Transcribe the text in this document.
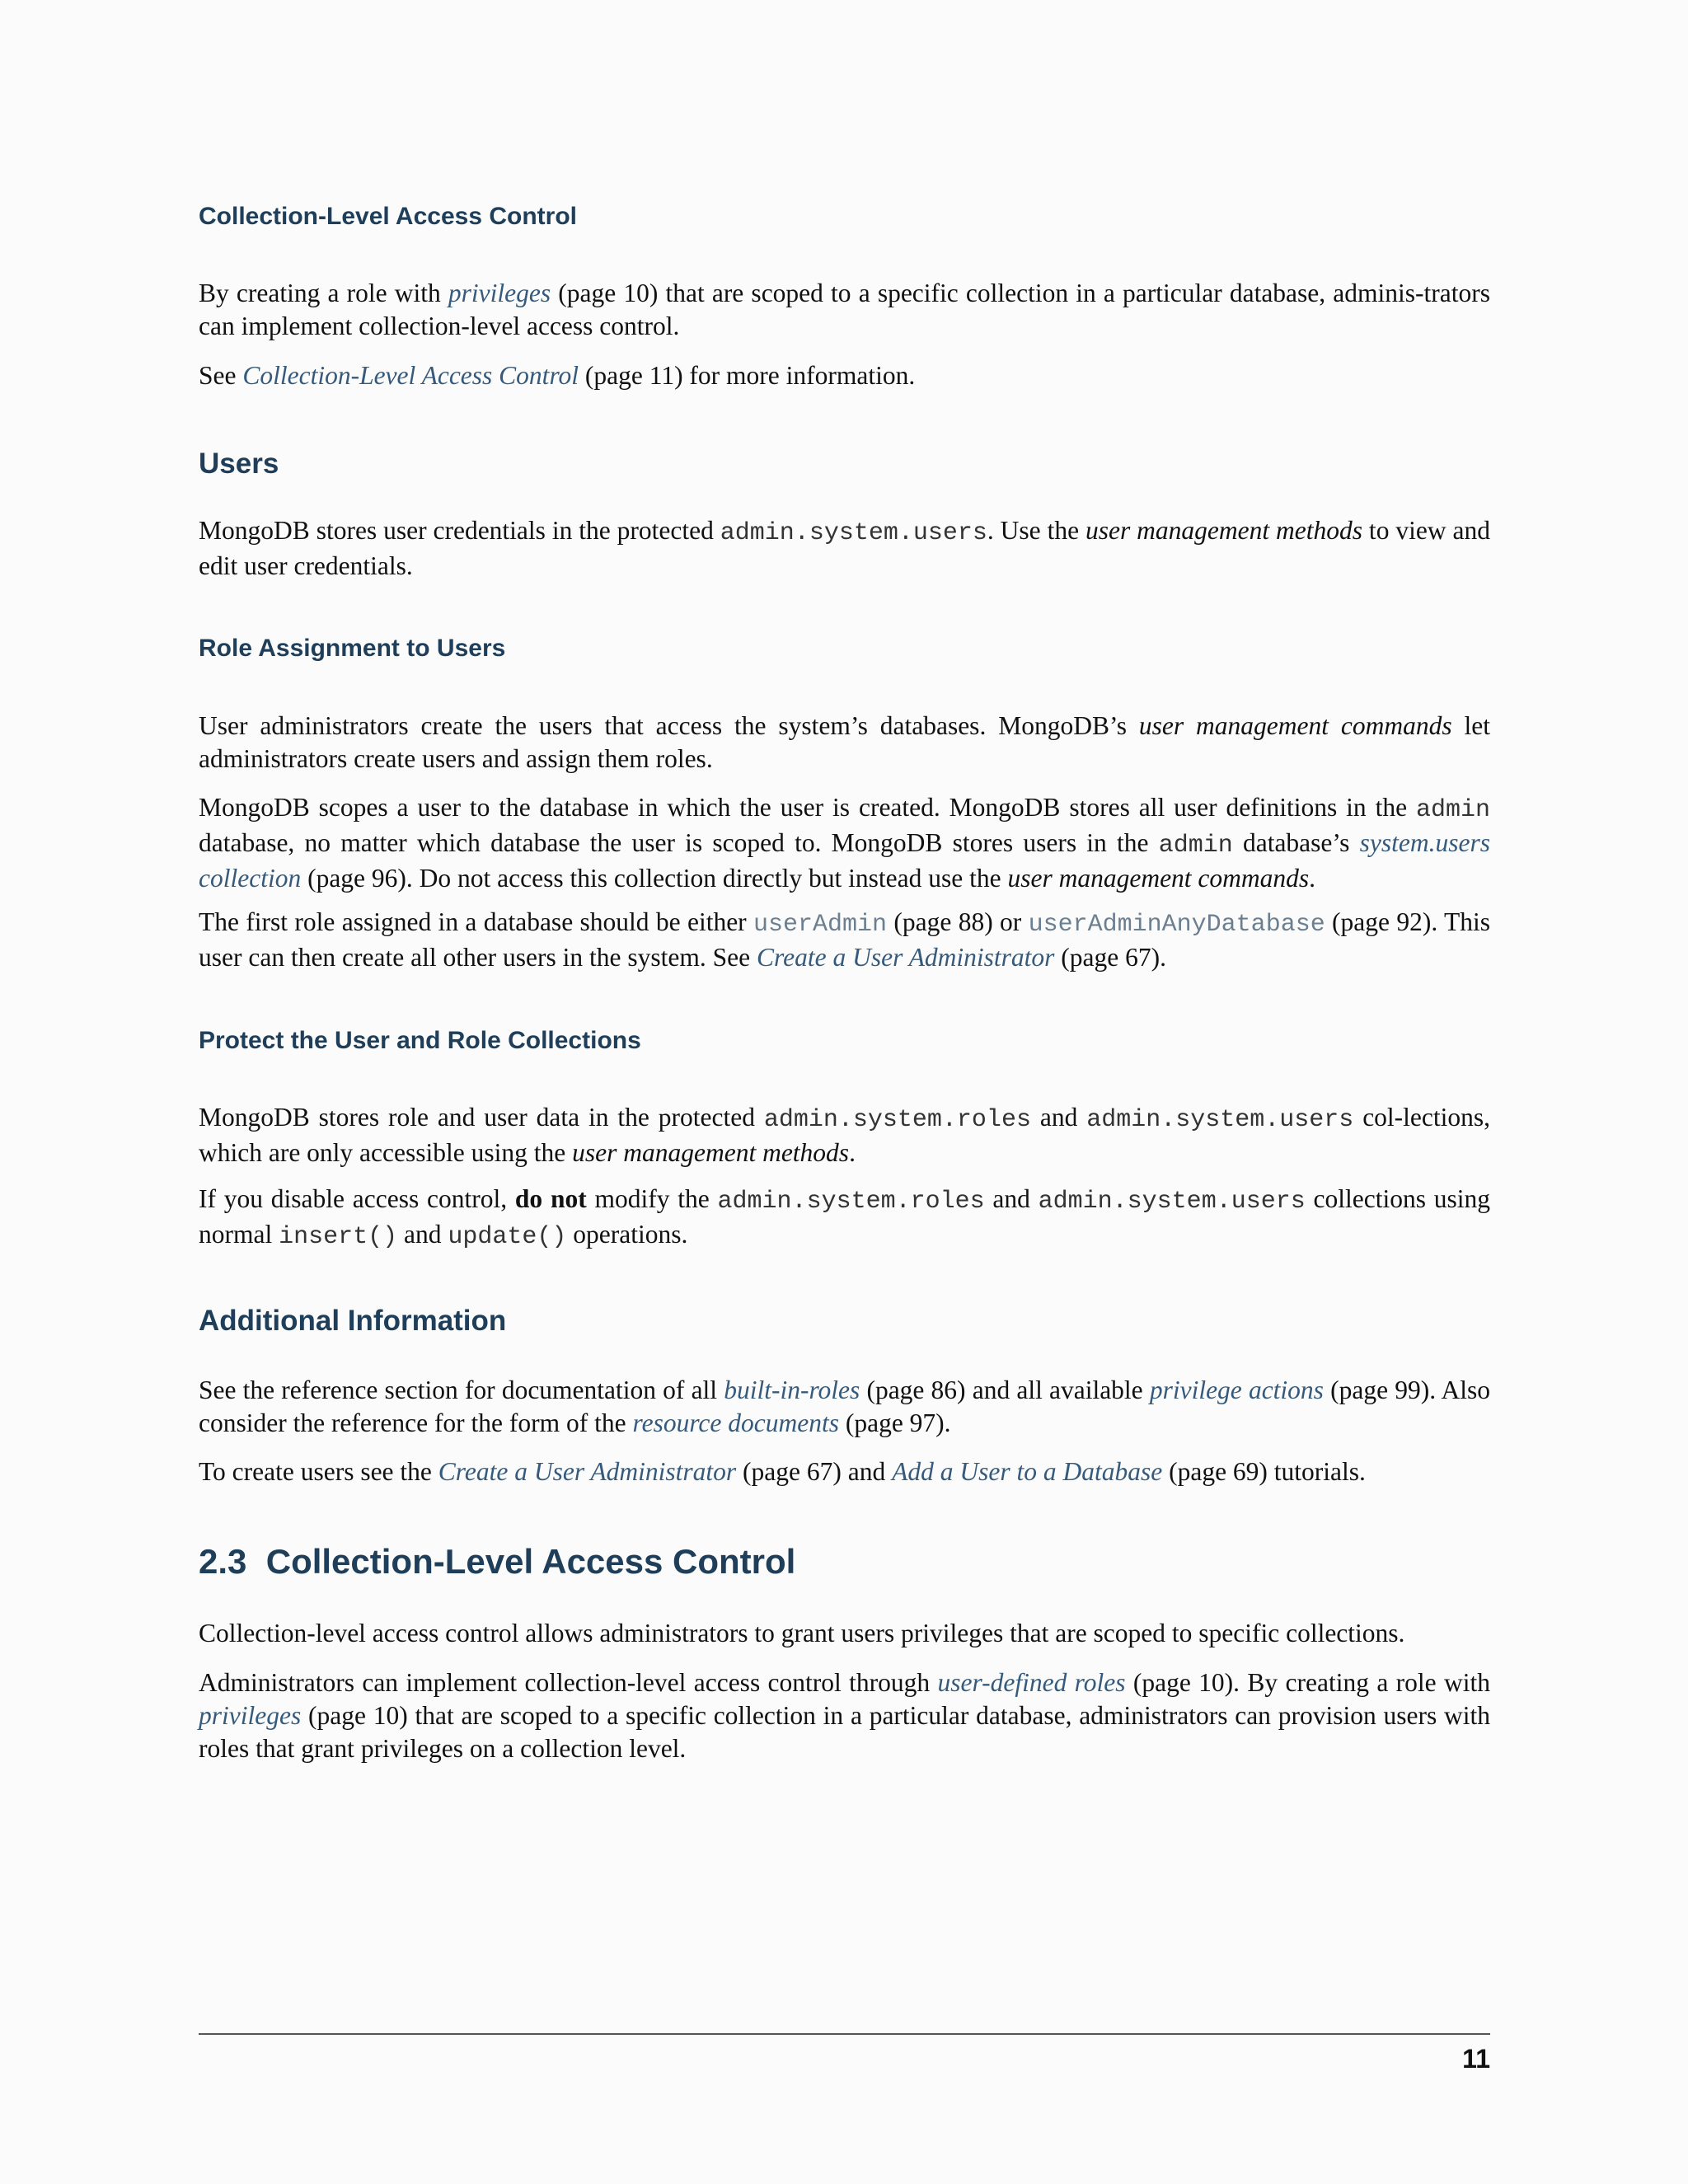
Collection-Level Access Control

By creating a role with privileges (page 10) that are scoped to a specific collection in a particular database, adminis-trators can implement collection-level access control.

See Collection-Level Access Control (page 11) for more information.

Users

MongoDB stores user credentials in the protected admin.system.users. Use the user management methods to view and edit user credentials.

Role Assignment to Users

User administrators create the users that access the system’s databases. MongoDB’s user management commands let administrators create users and assign them roles.

MongoDB scopes a user to the database in which the user is created. MongoDB stores all user definitions in the admin database, no matter which database the user is scoped to. MongoDB stores users in the admin database’s system.users collection (page 96). Do not access this collection directly but instead use the user management commands.

The first role assigned in a database should be either userAdmin (page 88) or userAdminAnyDatabase (page 92). This user can then create all other users in the system. See Create a User Administrator (page 67).

Protect the User and Role Collections

MongoDB stores role and user data in the protected admin.system.roles and admin.system.users col-lections, which are only accessible using the user management methods.

If you disable access control, do not modify the admin.system.roles and admin.system.users collections using normal insert() and update() operations.

Additional Information

See the reference section for documentation of all built-in-roles (page 86) and all available privilege actions (page 99). Also consider the reference for the form of the resource documents (page 97).

To create users see the Create a User Administrator (page 67) and Add a User to a Database (page 69) tutorials.

2.3 Collection-Level Access Control

Collection-level access control allows administrators to grant users privileges that are scoped to specific collections.

Administrators can implement collection-level access control through user-defined roles (page 10). By creating a role with privileges (page 10) that are scoped to a specific collection in a particular database, administrators can provision users with roles that grant privileges on a collection level.

11
